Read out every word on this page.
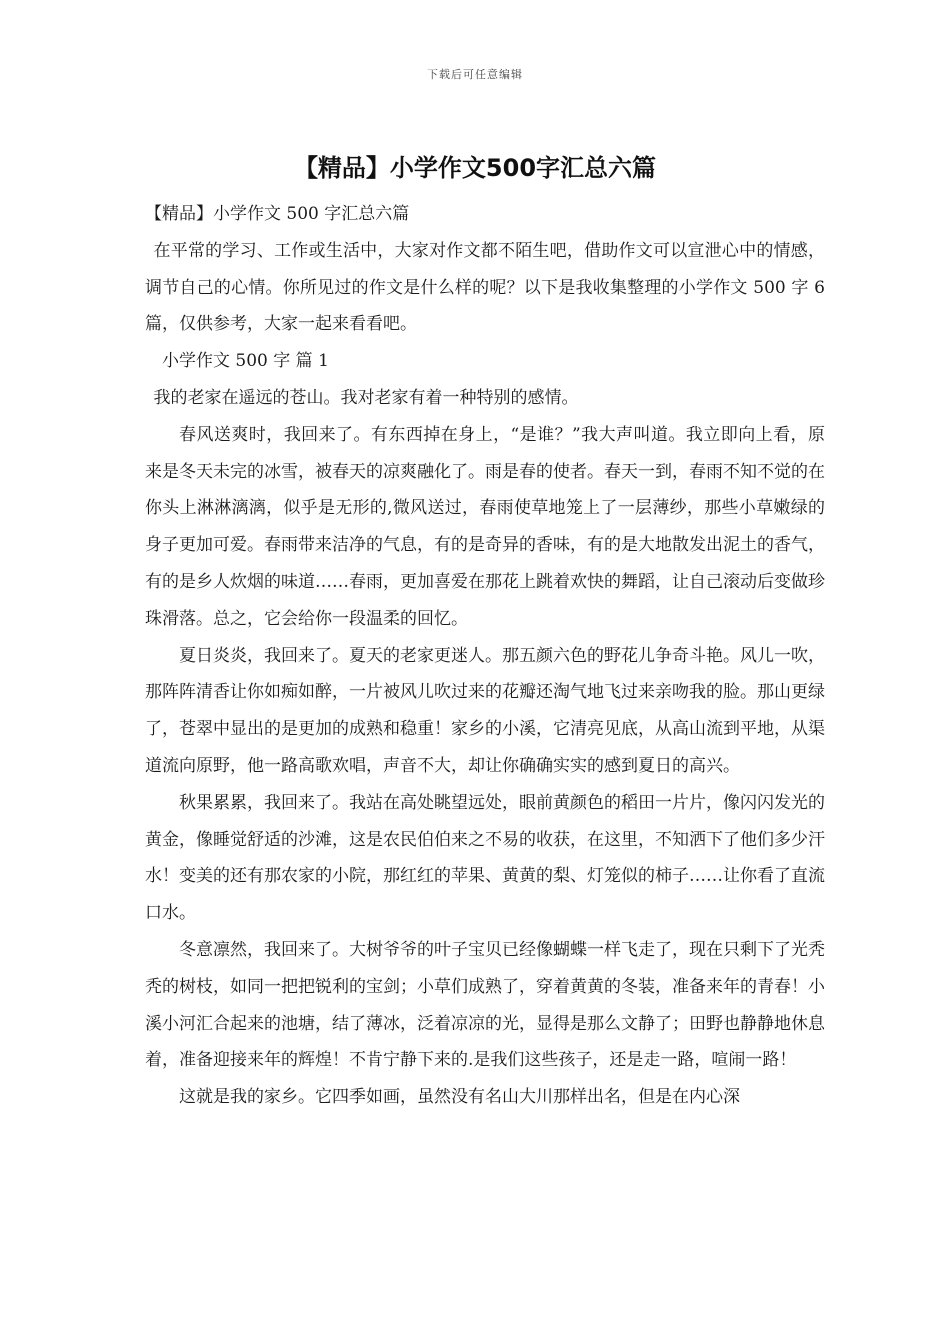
下载后可任意编辑
【精品】小学作文500字汇总六篇

【精品】小学作文 500 字汇总六篇

在平常的学习、工作或生活中，大家对作文都不陌生吧，借助作文可以宣泄心中的情感，调节自己的心情。你所见过的作文是什么样的呢？以下是我收集整理的小学作文 500 字 6 篇，仅供参考，大家一起来看看吧。

小学作文 500 字 篇 1

我的老家在遥远的苍山。我对老家有着一种特别的感情。

春风送爽时，我回来了。有东西掉在身上，“是谁？”我大声叫道。我立即向上看，原来是冬天未完的冰雪，被春天的凉爽融化了。雨是春的使者。春天一到，春雨不知不觉的在你头上淋淋漓漓，似乎是无形的,微风送过，春雨使草地笼上了一层薄纱，那些小草嫩绿的身子更加可爱。春雨带来洁净的气息，有的是奇异的香味，有的是大地散发出泥土的香气，有的是乡人炊烟的味道……春雨，更加喜爱在那花上跳着欢快的舞蹈，让自己滚动后变做珍珠滑落。总之，它会给你一段温柔的回忆。

夏日炎炎，我回来了。夏天的老家更迷人。那五颜六色的野花儿争奇斗艳。风儿一吹，那阵阵清香让你如痴如醉，一片被风儿吹过来的花瓣还淘气地飞过来亲吻我的脸。那山更绿了，苍翠中显出的是更加的成熟和稳重！家乡的小溪，它清亮见底，从高山流到平地，从渠道流向原野，他一路高歌欢唱，声音不大，却让你确确实实的感到夏日的高兴。

秋果累累，我回来了。我站在高处眺望远处，眼前黄颜色的稻田一片片，像闪闪发光的黄金，像睡觉舒适的沙滩，这是农民伯伯来之不易的收获，在这里，不知洒下了他们多少汗水！变美的还有那农家的小院，那红红的苹果、黄黄的梨、灯笼似的柿子……让你看了直流口水。

冬意凛然，我回来了。大树爷爷的叶子宝贝已经像蝴蝶一样飞走了，现在只剩下了光秃秃的树枝，如同一把把锐利的宝剑；小草们成熟了，穿着黄黄的冬装，准备来年的青春！小溪小河汇合起来的池塘，结了薄冰，泛着凉凉的光，显得是那么文静了；田野也静静地休息着，准备迎接来年的辉煌！不肯宁静下来的.是我们这些孩子，还是走一路，喧闹一路！

这就是我的家乡。它四季如画，虽然没有名山大川那样出名，但是在内心深
